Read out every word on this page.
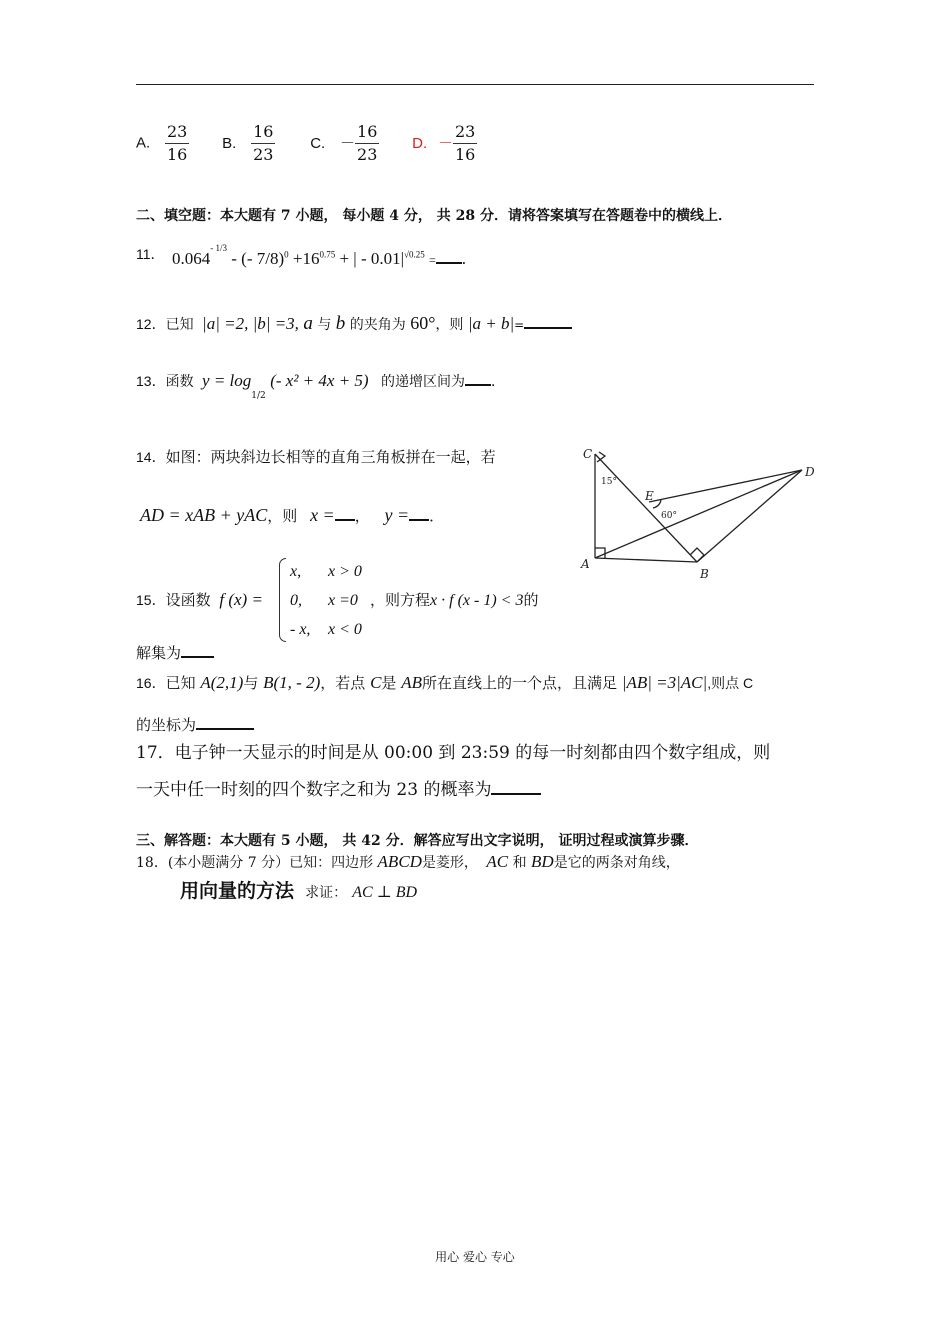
A. $\frac{23}{16} B$. $\frac{16}{23} C$. － $\frac{16}{23} D$. － $\frac{23}{16}$
二、填空题：本大题有 7 小题， 每小题 4 分， 共 28 分．请将答案填写在答题卷中的横线上．
11． $0.064^{- 1/3}$ - (- $7/8)^0 +16^{0.75}$ + | - $0.01|^{√0.25}$ = .
12．已知 |a| =2, |b| =3, a 与 b 的夹角为 60°，则 |a + b|=
13．函数 $y = \log_{1/2}$ (- x² + 4x + 5) 的递增区间为 ．
14．如图：两块斜边长相等的直角三角板拼在一起，若
AD = xAB + yAC，则 x = ， y = ．
C
D
E
A
B
15°
60°
15．设函数 f (x) =
x, x > 0
0, x =0
- x, x < 0
，则方程x · f (x - 1) < 3的
解集为
16．已知 A(2,1)与 B(1, - 2)，若点 C是 AB所在直线上的一个点，且满足 |AB| =3|AC|,则点 C
的坐标为
17．电子钟一天显示的时间是从 00:00 到 23:59 的每一时刻都由四个数字组成，则
一天中任一时刻的四个数字之和为 23 的概率为
三、解答题：本大题有 5 小题， 共 42 分．解答应写出文字说明， 证明过程或演算步骤．
18．(本小题满分 7 分）已知：四边形 ABCD是菱形， AC 和 BD是它的两条对角线，
用向量的方法 求证： AC ⊥ BD
用心 爱心 专心
